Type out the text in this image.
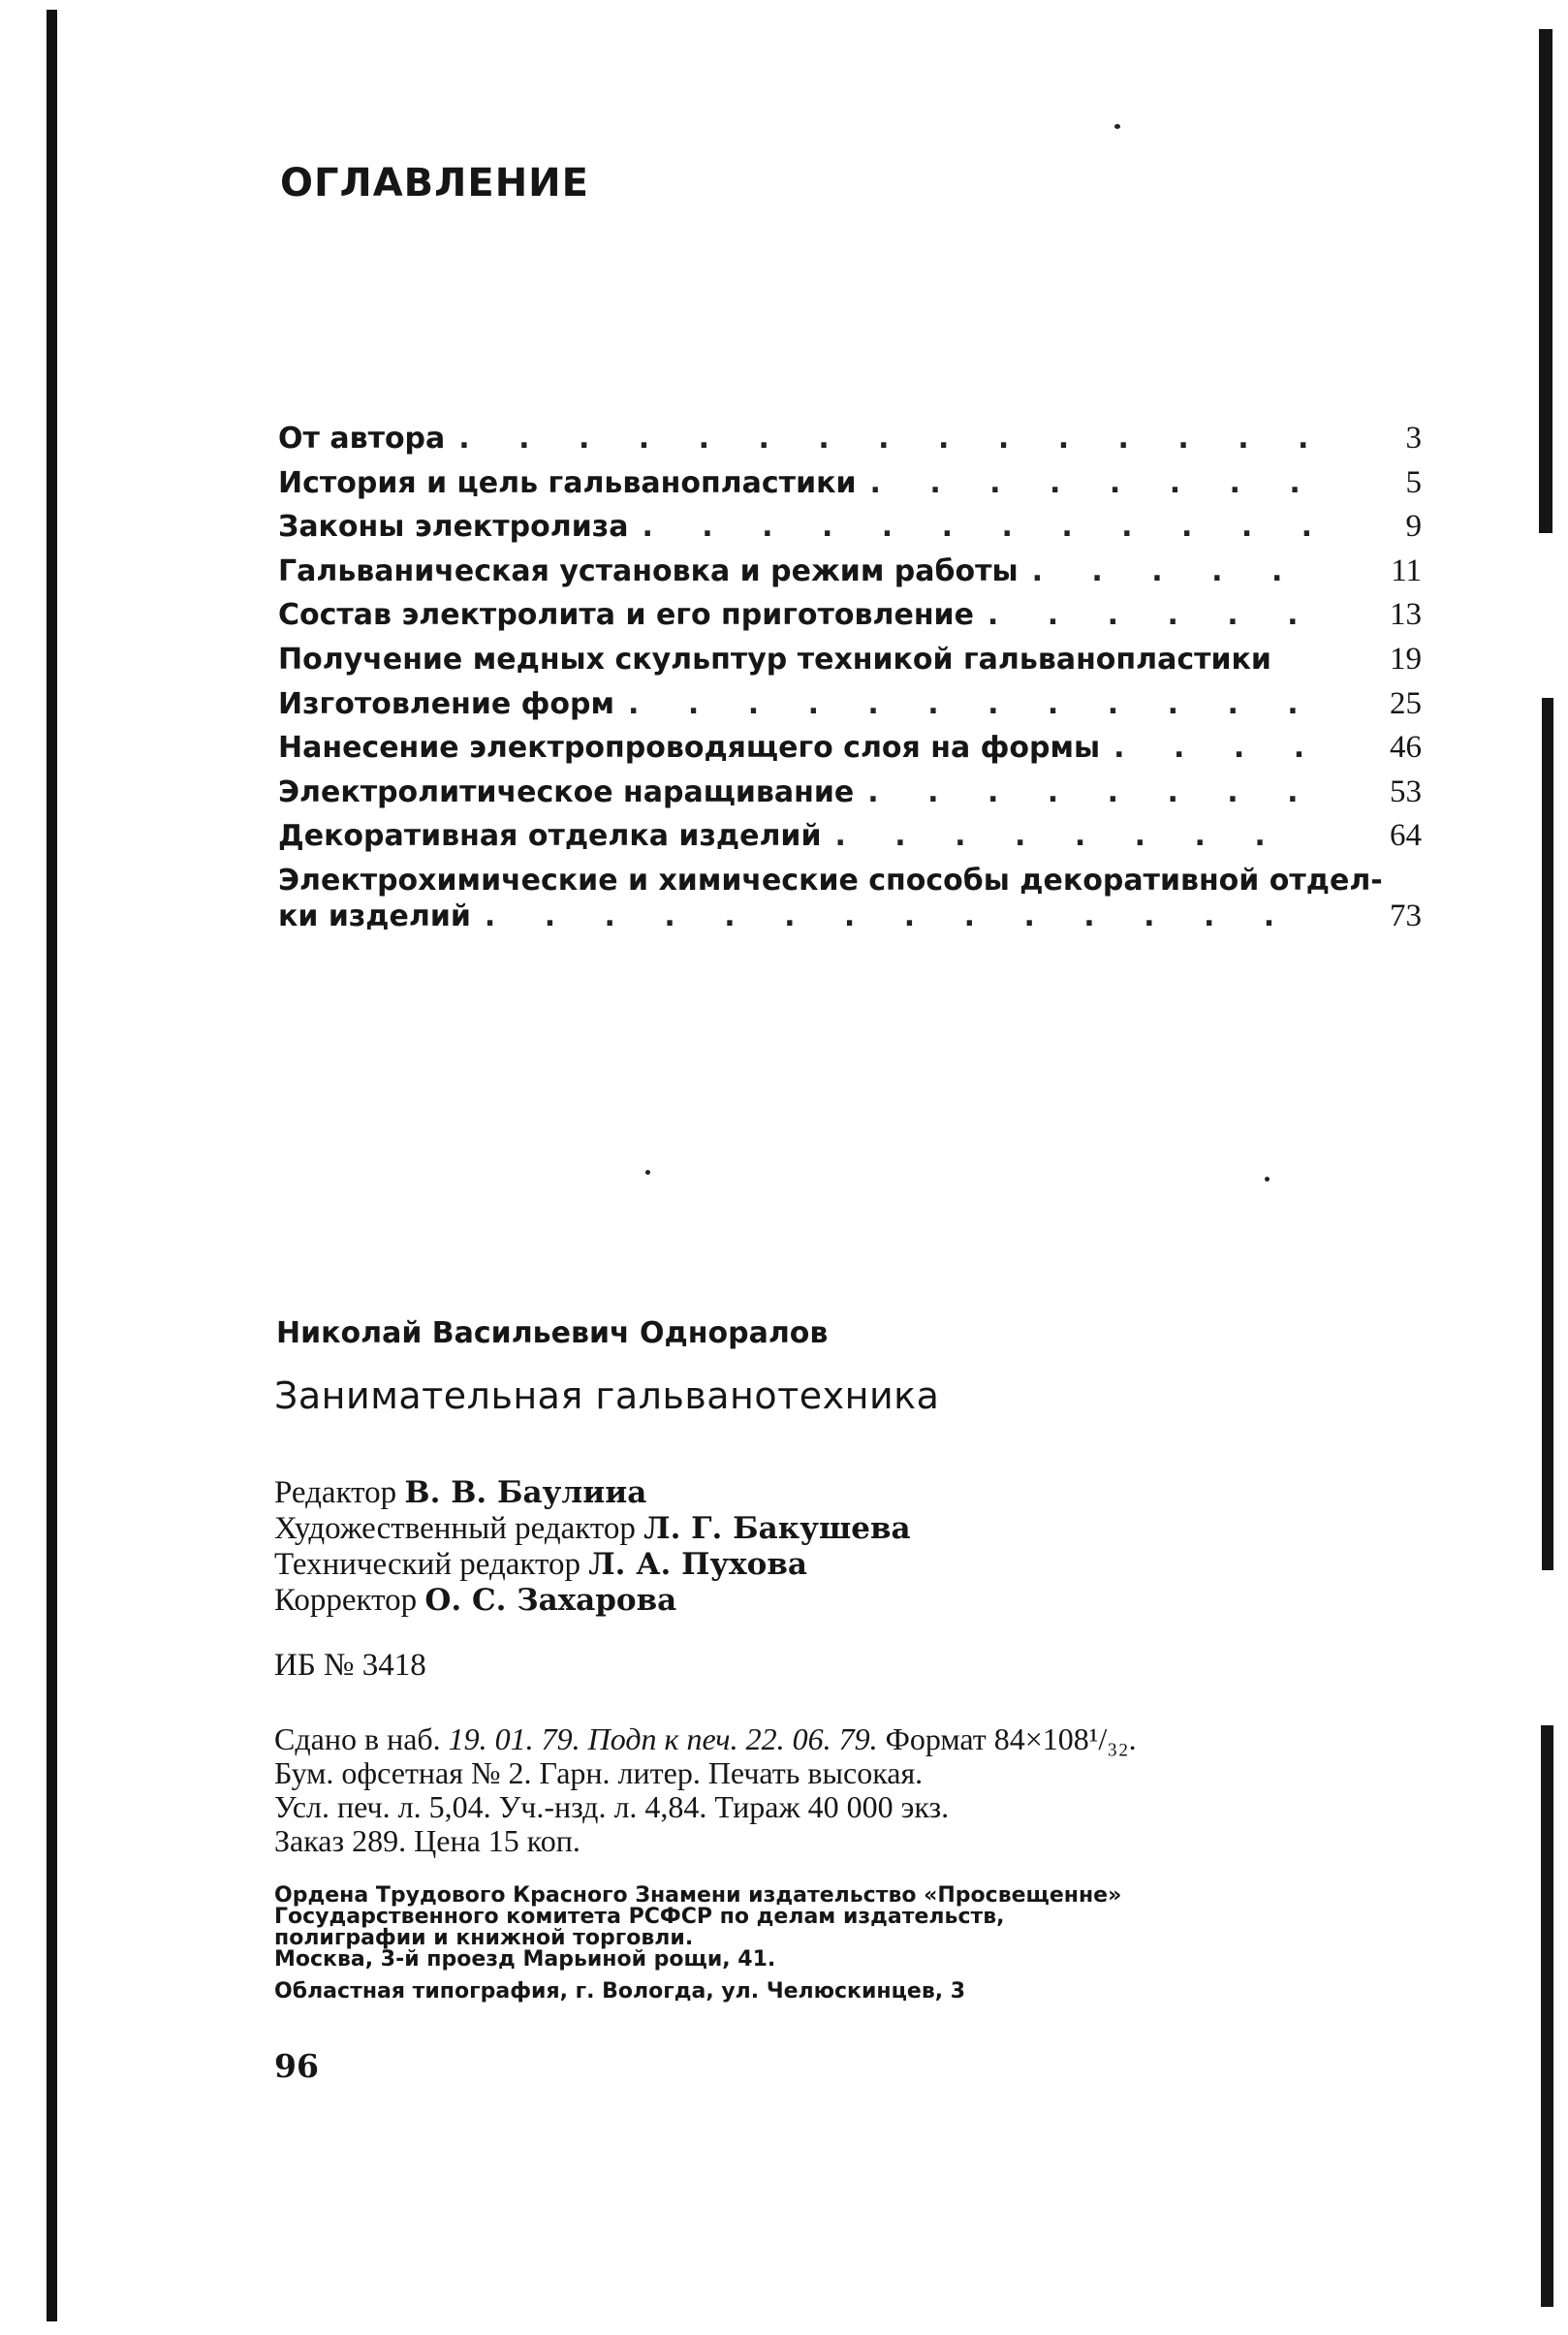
ОГЛАВЛЕНИЕ
От автора . . .	3
История и цель гальванопластики . . .	5
Законы электролиза . . .	9
Гальваническая установка и режим работы . . .	11
Состав электролита и его приготовление . . .	13
Получение медных скульптур техникой гальванопластики	19
Изготовление форм . . .	25
Нанесение электропроводящего слоя на формы . . .	46
Электролитическое наращивание . . .	53
Декоративная отделка изделий . . .	64
Электрохимические и химические способы декоративной отдел-
ки изделий . . .	73
Николай Васильевич Одноралов
Занимательная гальванотехника
Редактор В. В. Баулииа
Художественный редактор Л. Г. Бакушева
Технический редактор Л. А. Пухова
Корректор О. С. Захарова
ИБ № 3418
Сдано в наб. 19. 01. 79. Подп к печ. 22. 06. 79. Формат 84×108¹/₃₂.
Бум. офсетная № 2. Гарн. литер. Печать высокая.
Усл. печ. л. 5,04. Уч.-нзд. л. 4,84. Тираж 40 000 экз.
Заказ 289. Цена 15 коп.
Ордена Трудового Красного Знамени издательство «Просвещенне»
Государственного комитета РСФСР по делам издательств,
полиграфии и книжной торговли.
Москва, 3-й проезд Марьиной рощи, 41.
Областная типография, г. Вологда, ул. Челюскинцев, 3
96
